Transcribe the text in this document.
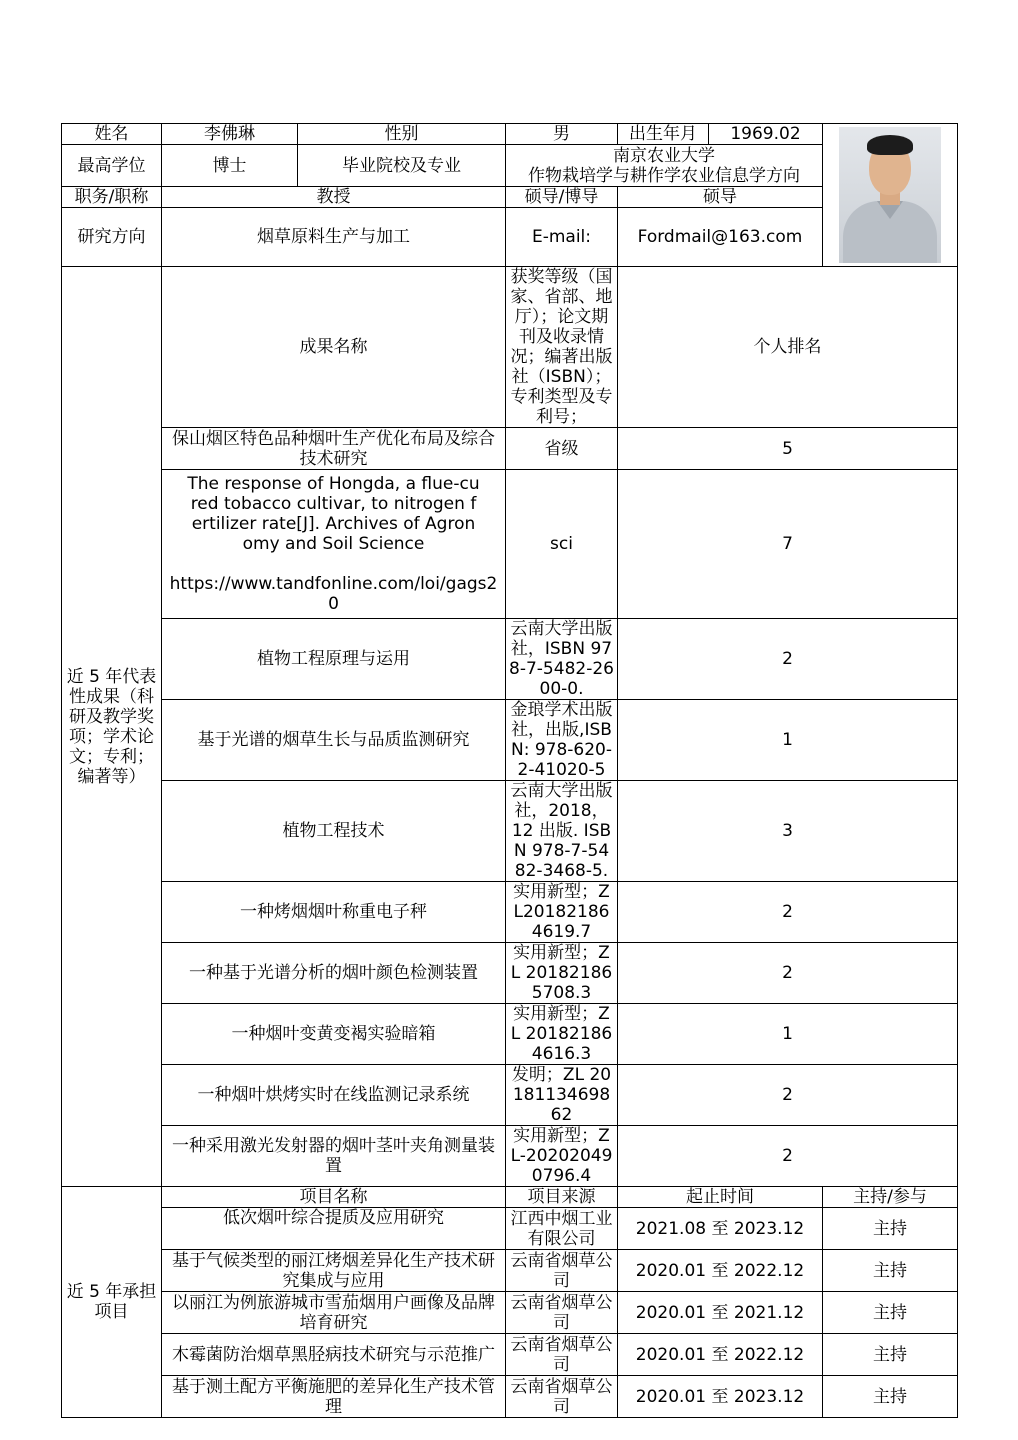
姓名	李佛琳	性别	男	出生年月	1969.02	

最高学位	博士	毕业院校及专业	南京农业大学
作物栽培学与耕作学农业信息学方向			

职务/职称	教授		硕导/博导	硕导		
研究方向	烟草原料生产与加工		E-mail:	Fordmail@163.com		
近 5 年代表性成果（科研及教学奖项；学术论文；专利；编著等）	成果名称		获奖等级（国家、省部、地厅）；论文期刊及收录情况；编著出版社（ISBN）；专利类型及专利号；	个人排名		
	保山烟区特色品种烟叶生产优化布局及综合技术研究		省级	5		

	The response of Hongda, a flue-cured tobacco cultivar, to nitrogen fertilizer rate[J]. Archives of Agronomy and Soil Science
https://www.tandfonline.com/loi/gags20		sci	7		
	植物工程原理与运用		云南大学出版社，ISBN 978-7-5482-2600-0.	2		
	基于光谱的烟草生长与品质监测研究		金琅学术出版社，出版,ISBN: 978-620-2-41020-5	1		
	植物工程技术		云南大学出版社，2018，12 出版. ISBN 978-7-5482-3468-5.	3		
	一种烤烟烟叶称重电子秤		实用新型；ZL201821864619.7	2		
	一种基于光谱分析的烟叶颜色检测装置		实用新型；ZL 201821865708.3	2		
	一种烟叶变黄变褐实验暗箱		实用新型；ZL 201821864616.3	1		
	一种烟叶烘烤实时在线监测记录系统		发明；ZL 2018113469862	2		
	一种采用激光发射器的烟叶茎叶夹角测量装置		实用新型；ZL-202020490796.4	2		
近 5 年承担项目	项目名称		项目来源	起止时间		主持/参与
	低次烟叶综合提质及应用研究		江西中烟工业有限公司	2021.08 至 2023.12		主持
	基于气候类型的丽江烤烟差异化生产技术研究集成与应用		云南省烟草公司	2020.01 至 2022.12		主持
	以丽江为例旅游城市雪茄烟用户画像及品牌培育研究		云南省烟草公司	2020.01 至 2021.12		主持
	木霉菌防治烟草黑胫病技术研究与示范推广		云南省烟草公司	2020.01 至 2022.12		主持
	基于测土配方平衡施肥的差异化生产技术管理		云南省烟草公司	2020.01 至 2023.12		主持
